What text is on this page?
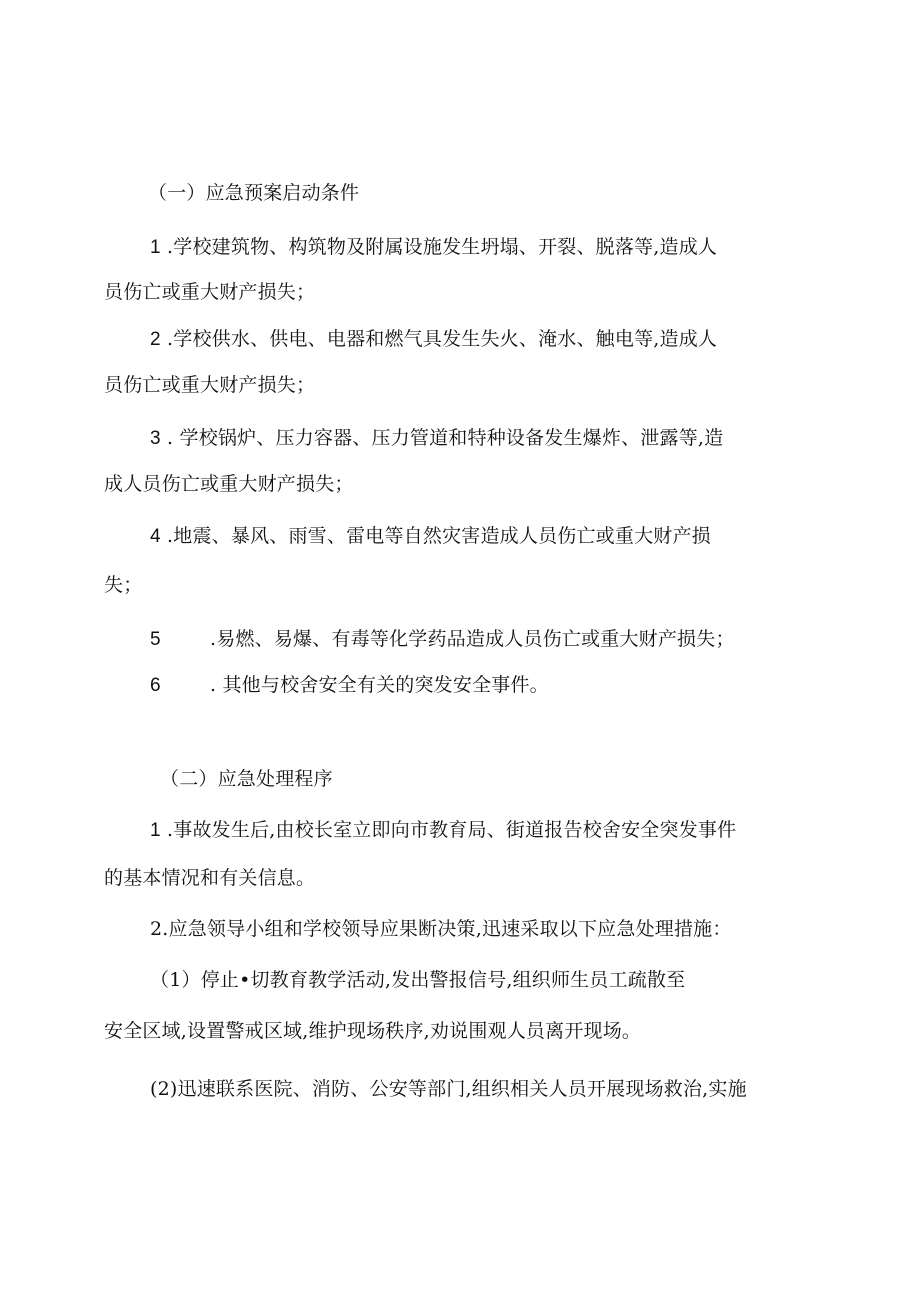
（一）应急预案启动条件
1 .学校建筑物、构筑物及附属设施发生坍塌、开裂、脱落等,造成人
员伤亡或重大财产损失；
2 .学校供水、供电、电器和燃气具发生失火、淹水、触电等,造成人
员伤亡或重大财产损失；
3 . 学校锅炉、压力容器、压力管道和特种设备发生爆炸、泄露等,造
成人员伤亡或重大财产损失；
4 .地震、暴风、雨雪、雷电等自然灾害造成人员伤亡或重大财产损
失；
5	.易燃、易爆、有毒等化学药品造成人员伤亡或重大财产损失；
6	. 其他与校舍安全有关的突发安全事件。
（二）应急处理程序
1 .事故发生后,由校长室立即向市教育局、街道报告校舍安全突发事件
的基本情况和有关信息。
2.应急领导小组和学校领导应果断决策,迅速采取以下应急处理措施：
（1）停止•切教育教学活动,发出警报信号,组织师生员工疏散至
安全区域,设置警戒区域,维护现场秩序,劝说围观人员离开现场。
(2)迅速联系医院、消防、公安等部门,组织相关人员开展现场救治,实施
